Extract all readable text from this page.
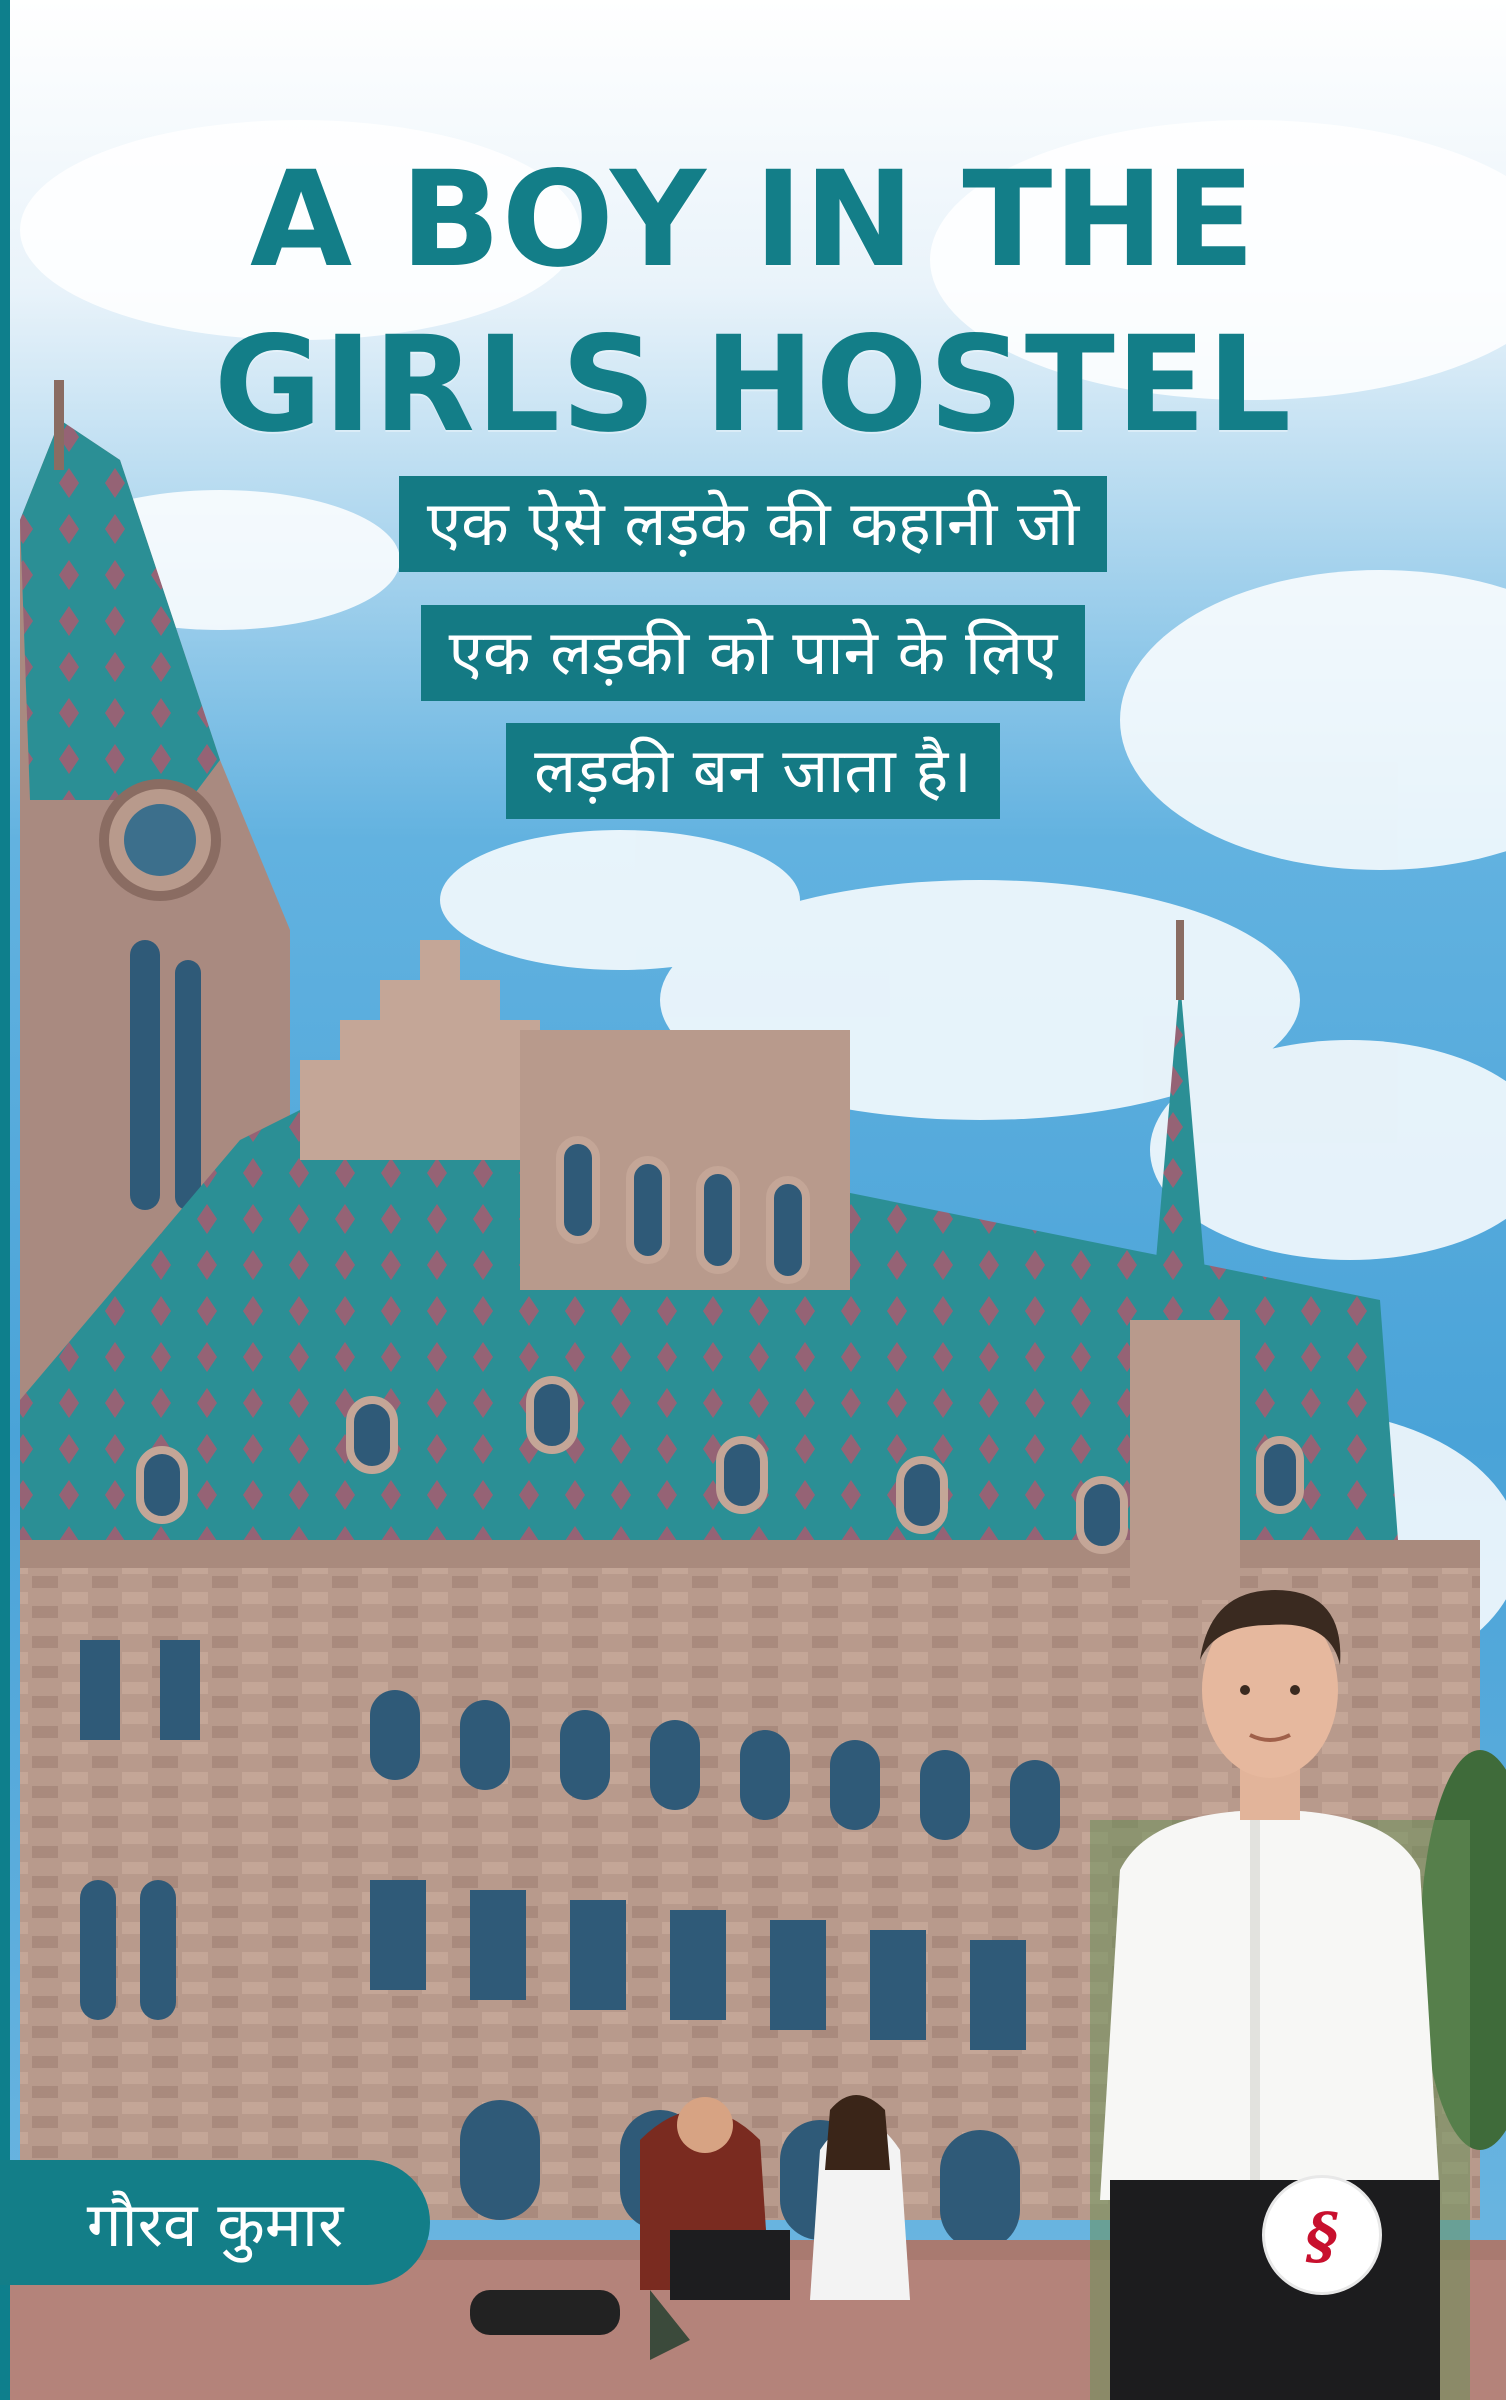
A BOY IN THE
GIRLS HOSTEL
एक ऐसे लड़के की कहानी जो
एक लड़की को पाने के लिए
लड़की बन जाता है।
गौरव कुमार	§
